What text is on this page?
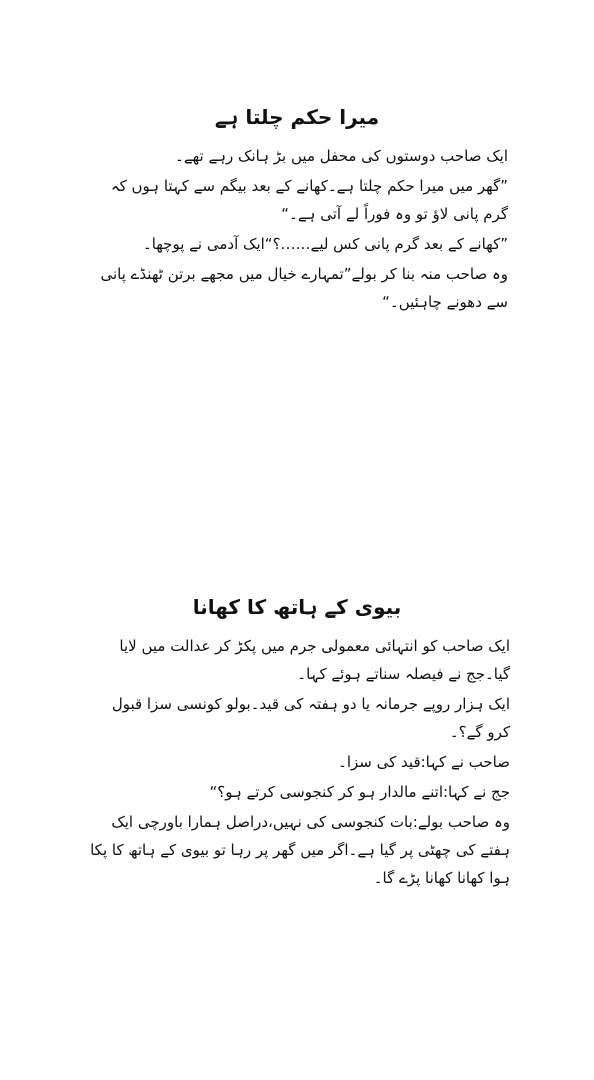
میرا حکم چلتا ہے

ایک صاحب دوستوں کی محفل میں بڑ ہانک رہے تھے۔

”گھر میں میرا حکم چلتا ہے۔کھانے کے بعد بیگم سے کہتا ہوں کہ گرم پانی لاؤ تو وہ فوراً لے آتی ہے۔“

”کھانے کے بعد گرم پانی کس لیے……؟“ایک آدمی نے پوچھا۔

وہ صاحب منہ بنا کر بولے”تمہارے خیال میں مجھے برتن ٹھنڈے پانی سے دھونے چاہئیں۔“

بیوی کے ہاتھ کا کھانا

ایک صاحب کو انتہائی معمولی جرم میں پکڑ کر عدالت میں لایا گیا۔جج نے فیصلہ سناتے ہوئے کہا۔

ایک ہزار روپے جرمانہ یا دو ہفتہ کی قید۔بولو کونسی سزا قبول کرو گے؟۔

صاحب نے کہا:قید کی سزا۔

جج نے کہا:اتنے مالدار ہو کر کنجوسی کرتے ہو؟“

وہ صاحب بولے:بات کنجوسی کی نہیں،دراصل ہمارا باورچی ایک ہفتے کی چھٹی پر گیا ہے۔اگر میں گھر پر رہا تو بیوی کے ہاتھ کا پکا ہوا کھانا کھانا پڑے گا۔
